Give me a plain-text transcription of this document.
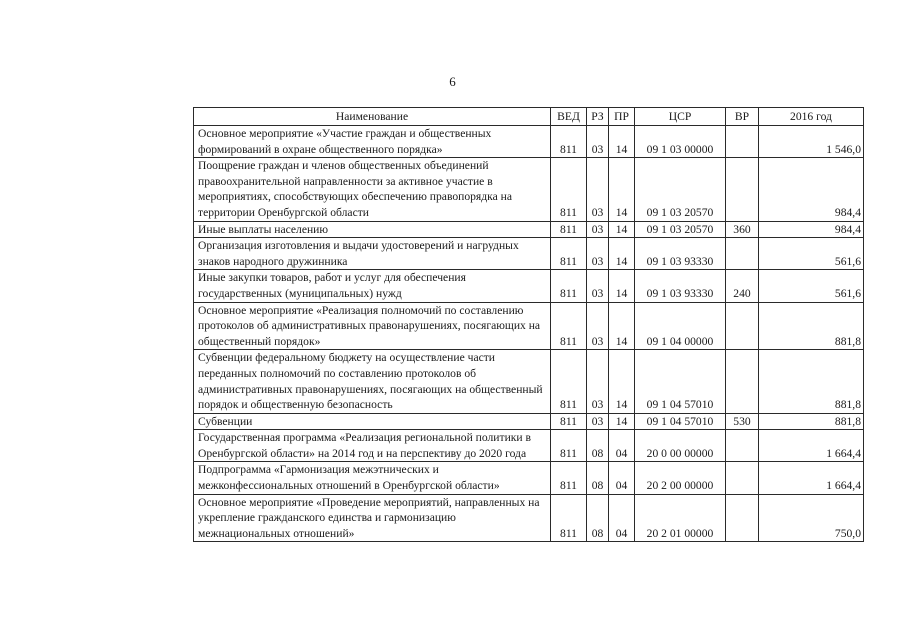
6
Наименование	ВЕД	РЗ	ПР	ЦСР	ВР	2016 год
Основное мероприятие «Участие граждан и общественных формирований в охране общественного порядка»	811	03	14	09 1 03 00000		1 546,0
Поощрение граждан и членов общественных объединений правоохранительной направленности за активное участие в мероприятиях, способствующих обеспечению правопорядка на территории Оренбургской области	811	03	14	09 1 03 20570		984,4
Иные выплаты населению	811	03	14	09 1 03 20570	360	984,4
Организация изготовления и выдачи удостоверений и нагрудных знаков народного дружинника	811	03	14	09 1 03 93330		561,6
Иные закупки товаров, работ и услуг для обеспечения государственных (муниципальных) нужд	811	03	14	09 1 03 93330	240	561,6
Основное мероприятие «Реализация полномочий по составлению протоколов об административных правонарушениях, посягающих на общественный порядок»	811	03	14	09 1 04 00000		881,8
Субвенции федеральному бюджету на осуществление части переданных полномочий по составлению протоколов об административных правонарушениях, посягающих на общественный порядок и общественную безопасность	811	03	14	09 1 04 57010		881,8
Субвенции	811	03	14	09 1 04 57010	530	881,8
Государственная программа «Реализация региональной политики в Оренбургской области» на 2014 год и на перспективу до 2020 года	811	08	04	20 0 00 00000		1 664,4
Подпрограмма «Гармонизация межэтнических и межконфессиональных отношений в Оренбургской области»	811	08	04	20 2 00 00000		1 664,4
Основное мероприятие «Проведение мероприятий, направленных на укрепление гражданского единства и гармонизацию межнациональных отношений»	811	08	04	20 2 01 00000		750,0
